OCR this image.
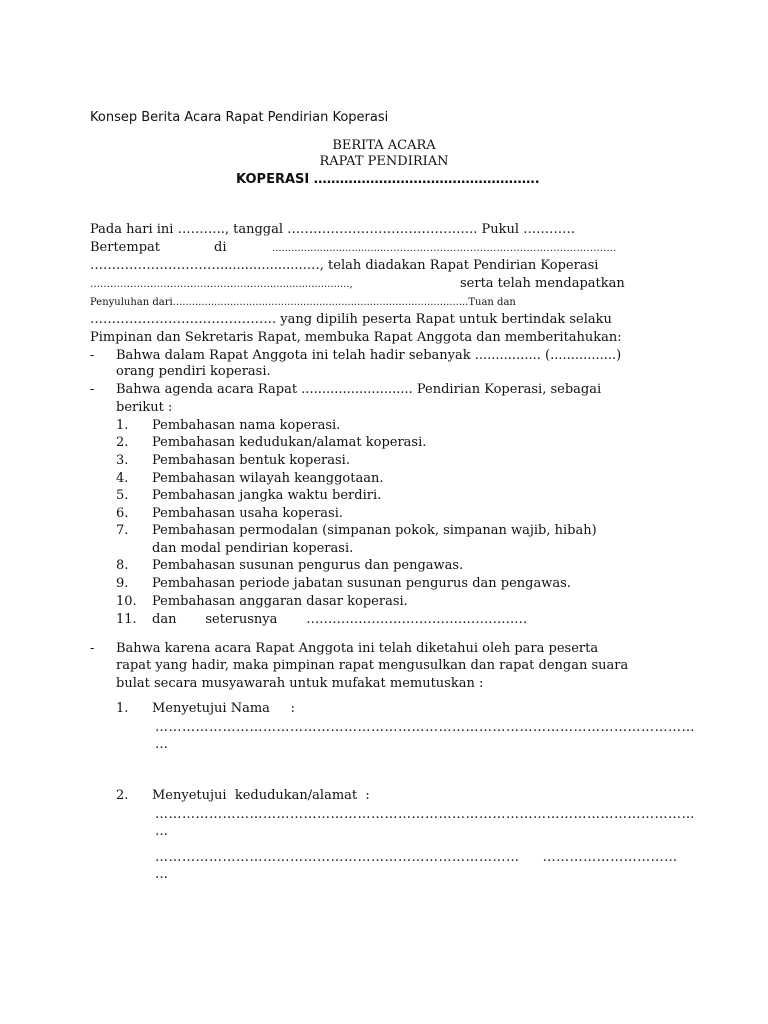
Konsep Berita Acara Rapat Pendirian Koperasi
BERITA ACARA
RAPAT PENDIRIAN
KOPERASI …………………………………………….
Pada hari ini ……….., tanggal …………………………………….. Pukul …………
Bertempat	di	....................................……………………………………………………………
………………………….....................…, telah diadakan Rapat Pendirian Koperasi
……………………………………………….........................,	serta telah mendapatkan
Penyuluhan dari.............................................................................................Tuan dan
……………………………………. yang dipilih peserta Rapat untuk bertindak selaku
Pimpinan dan Sekretaris Rapat, membuka Rapat Anggota dan memberitahukan:
- Bahwa dalam Rapat Anggota ini telah hadir sebanyak ................ (................)
orang pendiri koperasi.
- Bahwa agenda acara Rapat ........................... Pendirian Koperasi, sebagai
berikut :
1.	Pembahasan nama koperasi.
2.	Pembahasan kedudukan/alamat koperasi.
3.	Pembahasan bentuk koperasi.
4.	Pembahasan wilayah keanggotaan.
5.	Pembahasan jangka waktu berdiri.
6.	Pembahasan usaha koperasi.
7.	Pembahasan permodalan (simpanan pokok, simpanan wajib, hibah)
dan modal pendirian koperasi.
8.	Pembahasan susunan pengurus dan pengawas.
9.	Pembahasan periode jabatan susunan pengurus dan pengawas.
10.	Pembahasan anggaran dasar koperasi.
11.	dan       seterusnya       ……………………………………………
- Bahwa karena acara Rapat Anggota ini telah diketahui oleh para peserta
rapat yang hadir, maka pimpinan rapat mengusulkan dan rapat dengan suara
bulat secara musyawarah untuk mufakat memutuskan :
1.	Menyetujui Nama     :
…………………………………………………………………………………………………………
…
2.	Menyetujui  kedudukan/alamat  :
…………………………………………………………………………………………………………
…
………………………………………………………………………     …………………………
…
